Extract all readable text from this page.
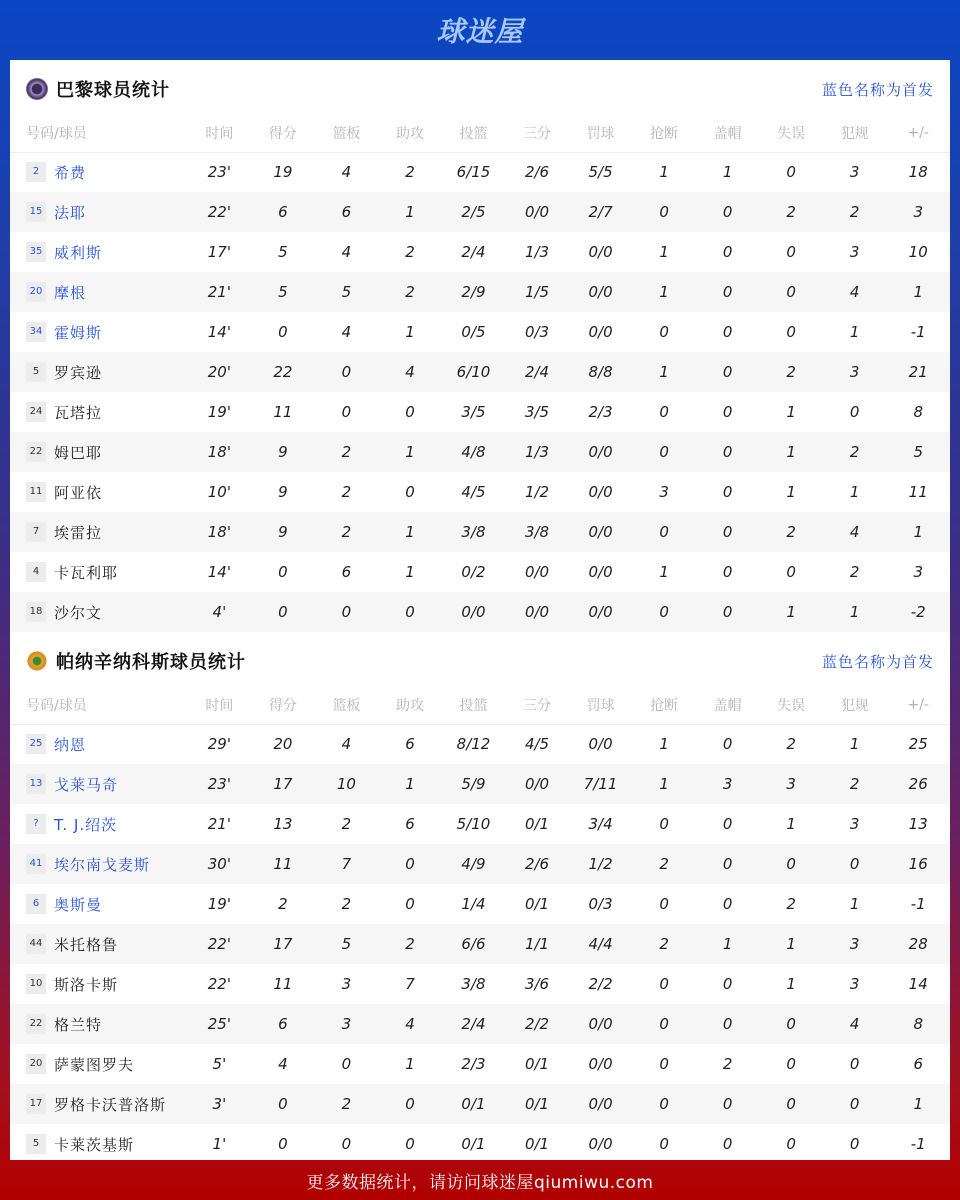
球迷屋
巴黎球员统计	蓝色名称为首发
号码/球员	时间	得分	篮板	助攻	投篮	三分	罚球	抢断	盖帽	失误	犯规	+/-
2 希费	23'	19	4	2	6/15	2/6	5/5	1	1	0	3	18
15 法耶	22'	6	6	1	2/5	0/0	2/7	0	0	2	2	3
35 威利斯	17'	5	4	2	2/4	1/3	0/0	1	0	0	3	10
20 摩根	21'	5	5	2	2/9	1/5	0/0	1	0	0	4	1
34 霍姆斯	14'	0	4	1	0/5	0/3	0/0	0	0	0	1	-1
5 罗宾逊	20'	22	0	4	6/10	2/4	8/8	1	0	2	3	21
24 瓦塔拉	19'	11	0	0	3/5	3/5	2/3	0	0	1	0	8
22 姆巴耶	18'	9	2	1	4/8	1/3	0/0	0	0	1	2	5
11 阿亚依	10'	9	2	0	4/5	1/2	0/0	3	0	1	1	11
7 埃雷拉	18'	9	2	1	3/8	3/8	0/0	0	0	2	4	1
4 卡瓦利耶	14'	0	6	1	0/2	0/0	0/0	1	0	0	2	3
18 沙尔文	4'	0	0	0	0/0	0/0	0/0	0	0	1	1	-2
帕纳辛纳科斯球员统计	蓝色名称为首发
号码/球员	时间	得分	篮板	助攻	投篮	三分	罚球	抢断	盖帽	失误	犯规	+/-
25 纳恩	29'	20	4	6	8/12	4/5	0/0	1	0	2	1	25
13 戈莱马奇	23'	17	10	1	5/9	0/0	7/11	1	3	3	2	26
? T. J.绍茨	21'	13	2	6	5/10	0/1	3/4	0	0	1	3	13
41 埃尔南戈麦斯	30'	11	7	0	4/9	2/6	1/2	2	0	0	0	16
6 奥斯曼	19'	2	2	0	1/4	0/1	0/3	0	0	2	1	-1
44 米托格鲁	22'	17	5	2	6/6	1/1	4/4	2	1	1	3	28
10 斯洛卡斯	22'	11	3	7	3/8	3/6	2/2	0	0	1	3	14
22 格兰特	25'	6	3	4	2/4	2/2	0/0	0	0	0	4	8
20 萨蒙图罗夫	5'	4	0	1	2/3	0/1	0/0	0	2	0	0	6
17 罗格卡沃普洛斯	3'	0	2	0	0/1	0/1	0/0	0	0	0	0	1
5 卡莱茨基斯	1'	0	0	0	0/1	0/1	0/0	0	0	0	0	-1
更多数据统计，请访问球迷屋qiumiwu.com
